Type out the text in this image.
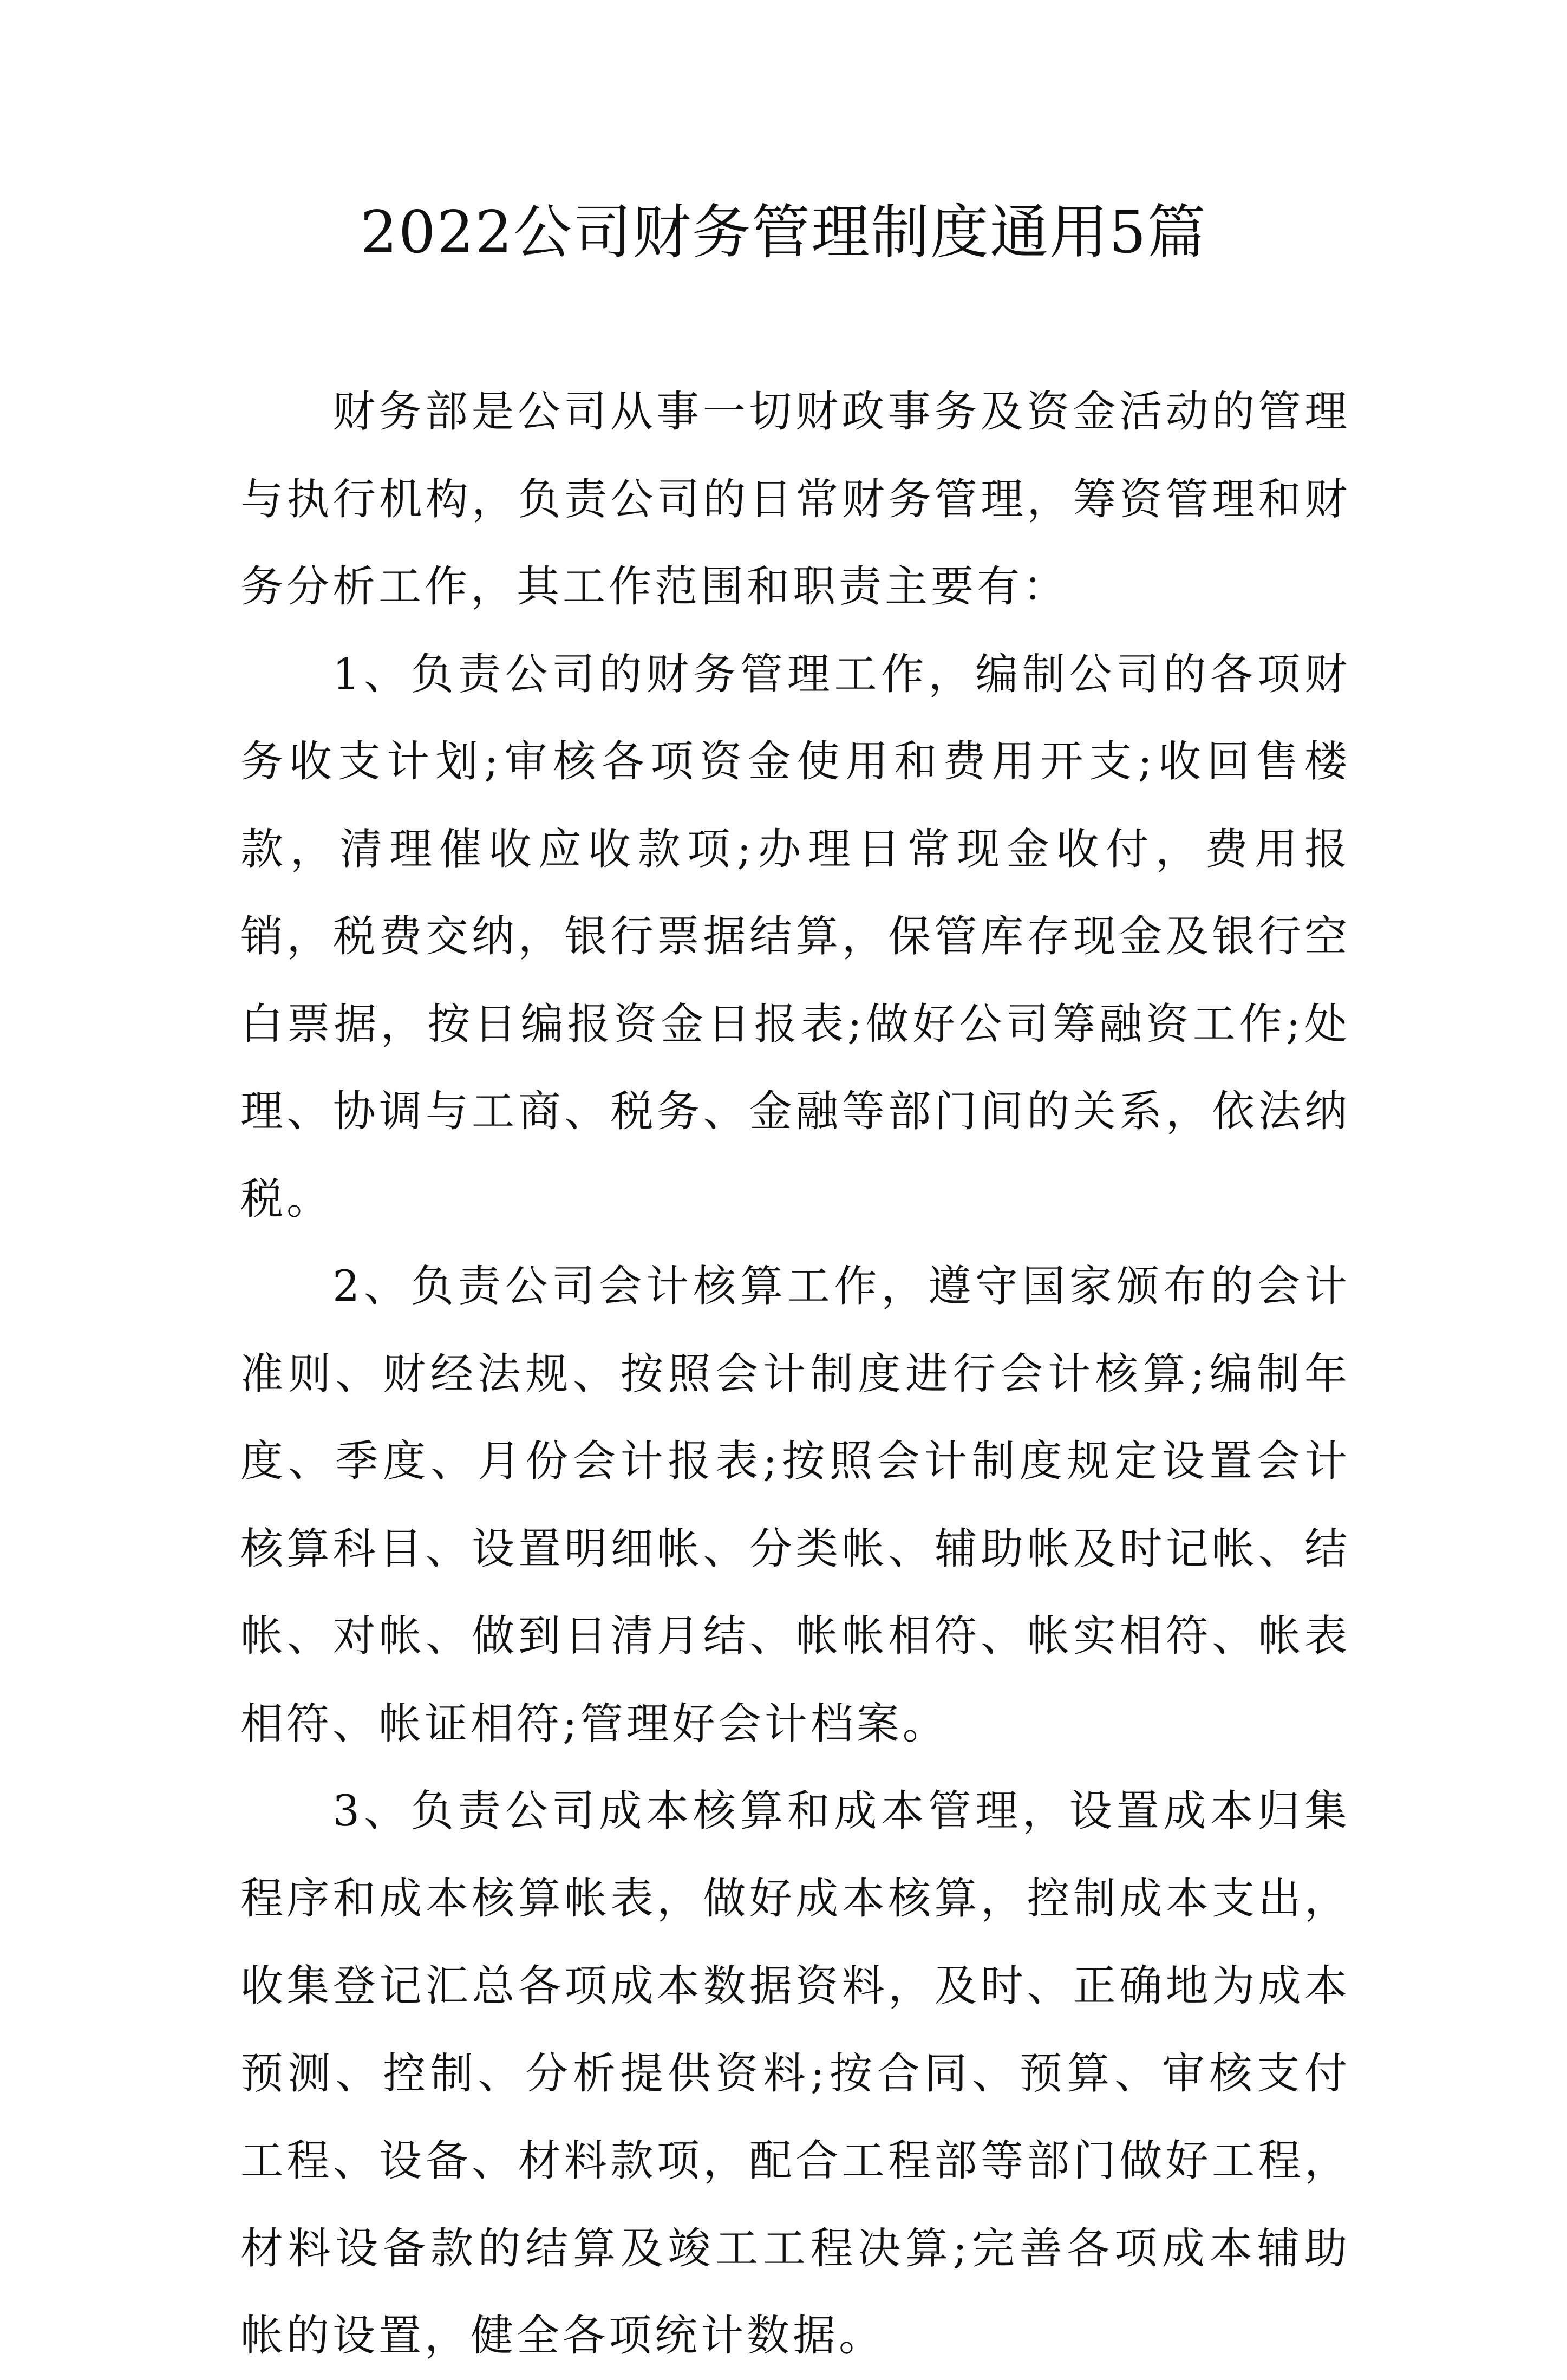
2022公司财务管理制度通用5篇

财务部是公司从事一切财政事务及资金活动的管理与执行机构，负责公司的日常财务管理，筹资管理和财务分析工作，其工作范围和职责主要有：

1、负责公司的财务管理工作，编制公司的各项财务收支计划;审核各项资金使用和费用开支;收回售楼款，清理催收应收款项;办理日常现金收付，费用报销，税费交纳，银行票据结算，保管库存现金及银行空白票据，按日编报资金日报表;做好公司筹融资工作;处理、协调与工商、税务、金融等部门间的关系，依法纳税。

2、负责公司会计核算工作，遵守国家颁布的会计准则、财经法规、按照会计制度进行会计核算;编制年度、季度、月份会计报表;按照会计制度规定设置会计核算科目、设置明细帐、分类帐、辅助帐及时记帐、结帐、对帐、做到日清月结、帐帐相符、帐实相符、帐表相符、帐证相符;管理好会计档案。

3、负责公司成本核算和成本管理，设置成本归集程序和成本核算帐表，做好成本核算，控制成本支出，收集登记汇总各项成本数据资料，及时、正确地为成本预测、控制、分析提供资料;按合同、预算、审核支付工程、设备、材料款项，配合工程部等部门做好工程，材料设备款的结算及竣工工程决算;完善各项成本辅助帐的设置，健全各项统计数据。
